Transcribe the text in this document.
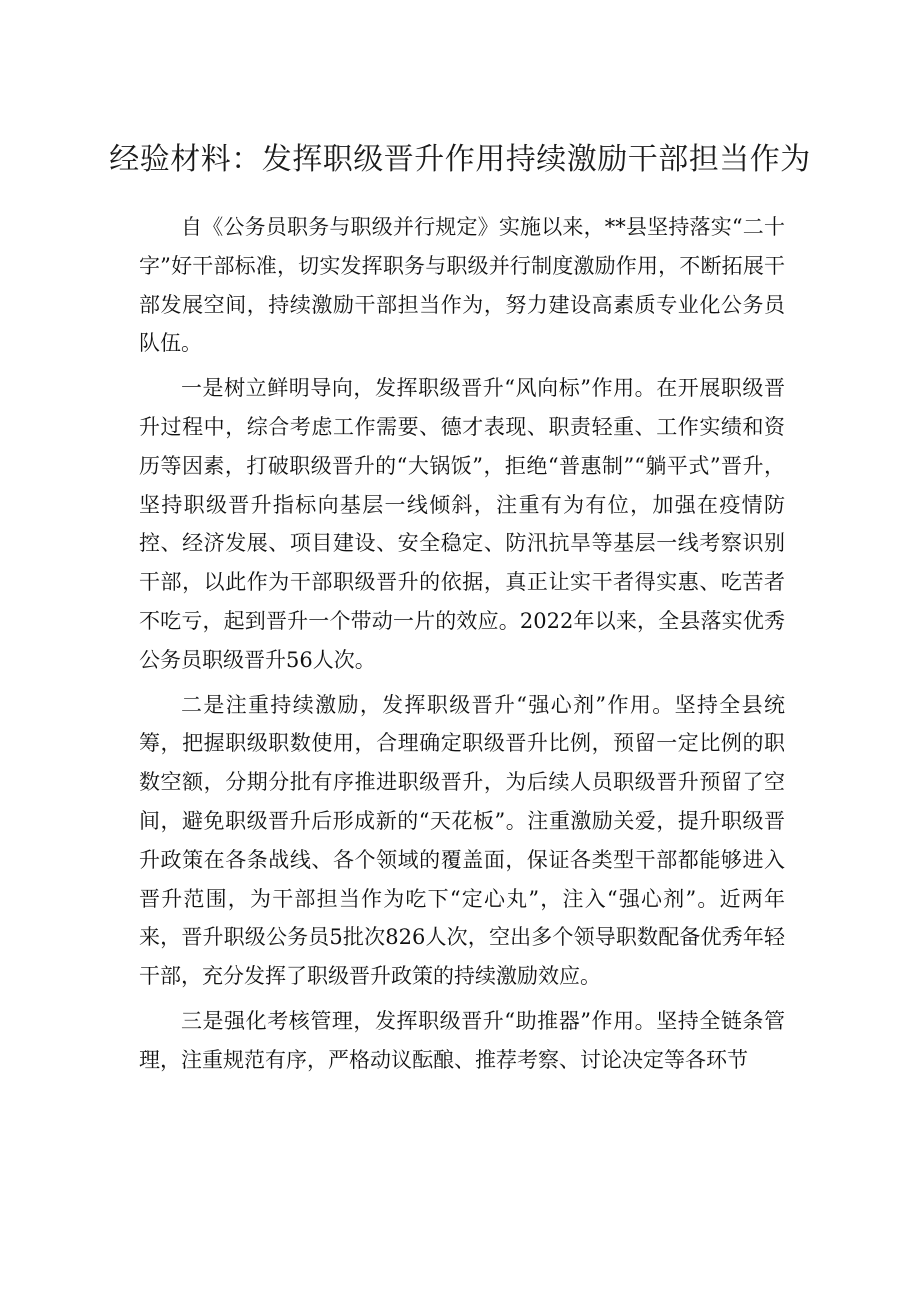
经验材料：发挥职级晋升作用持续激励干部担当作为

自《公务员职务与职级并行规定》实施以来，**县坚持落实“二十字”好干部标准，切实发挥职务与职级并行制度激励作用，不断拓展干部发展空间，持续激励干部担当作为，努力建设高素质专业化公务员队伍。

一是树立鲜明导向，发挥职级晋升“风向标”作用。在开展职级晋升过程中，综合考虑工作需要、德才表现、职责轻重、工作实绩和资历等因素，打破职级晋升的“大锅饭”，拒绝“普惠制”“躺平式”晋升，坚持职级晋升指标向基层一线倾斜，注重有为有位，加强在疫情防控、经济发展、项目建设、安全稳定、防汛抗旱等基层一线考察识别干部，以此作为干部职级晋升的依据，真正让实干者得实惠、吃苦者不吃亏，起到晋升一个带动一片的效应。2022年以来，全县落实优秀公务员职级晋升56人次。

二是注重持续激励，发挥职级晋升“强心剂”作用。坚持全县统筹，把握职级职数使用，合理确定职级晋升比例，预留一定比例的职数空额，分期分批有序推进职级晋升，为后续人员职级晋升预留了空间，避免职级晋升后形成新的“天花板”。注重激励关爱，提升职级晋升政策在各条战线、各个领域的覆盖面，保证各类型干部都能够进入晋升范围，为干部担当作为吃下“定心丸”，注入“强心剂”。近两年来，晋升职级公务员5批次826人次，空出多个领导职数配备优秀年轻干部，充分发挥了职级晋升政策的持续激励效应。

三是强化考核管理，发挥职级晋升“助推器”作用。坚持全链条管理，注重规范有序，严格动议酝酿、推荐考察、讨论决定等各环节
